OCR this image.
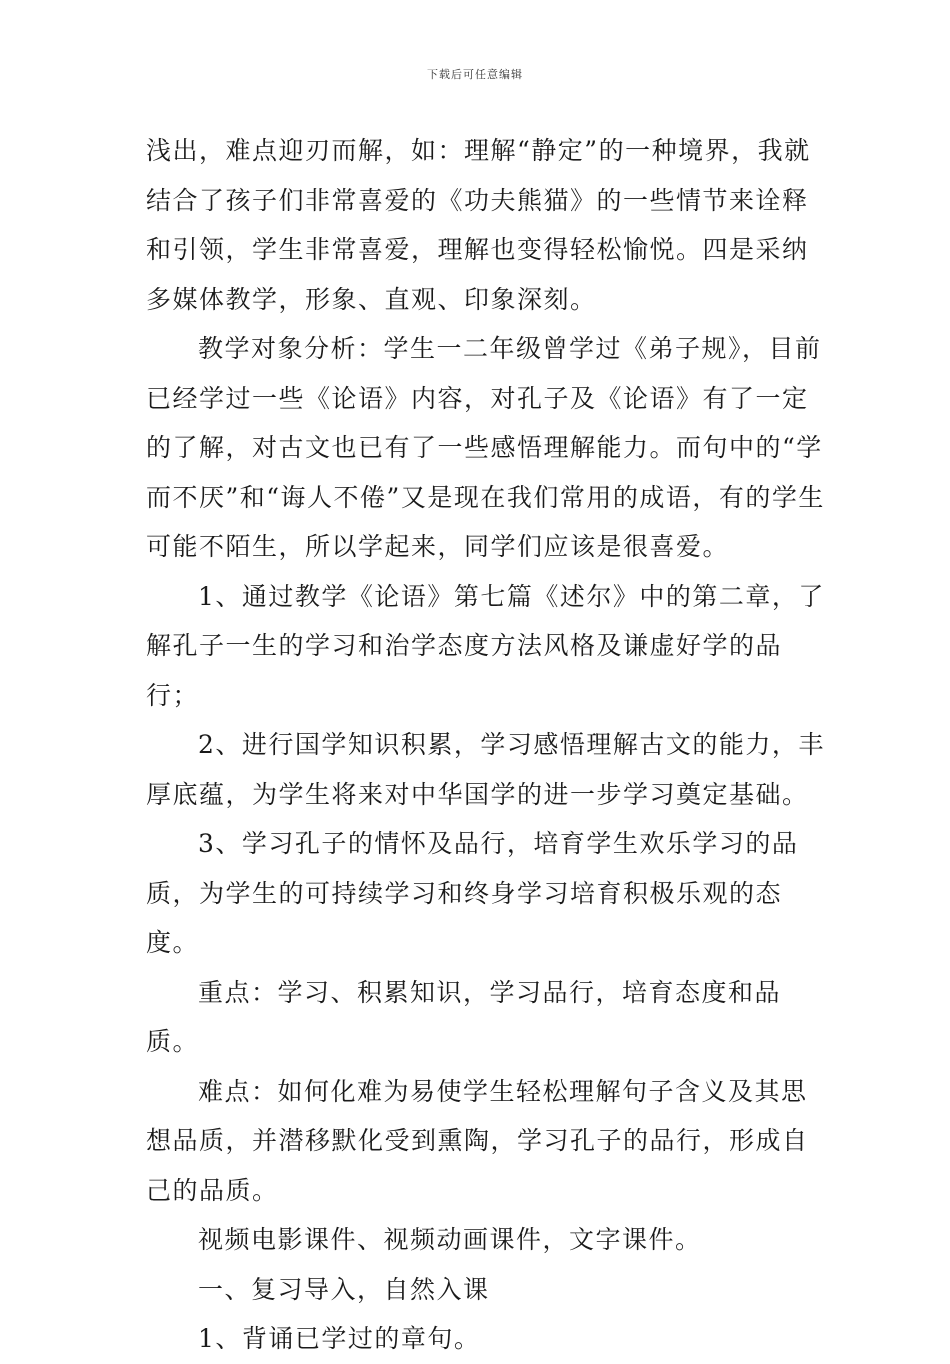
下载后可任意编辑

浅出，难点迎刃而解，如：理解“静定”的一种境界，我就结合了孩子们非常喜爱的《功夫熊猫》的一些情节来诠释和引领，学生非常喜爱，理解也变得轻松愉悦。四是采纳多媒体教学，形象、直观、印象深刻。

教学对象分析：学生一二年级曾学过《弟子规》，目前已经学过一些《论语》内容，对孔子及《论语》有了一定的了解，对古文也已有了一些感悟理解能力。而句中的“学而不厌”和“诲人不倦”又是现在我们常用的成语，有的学生可能不陌生，所以学起来，同学们应该是很喜爱。

1、通过教学《论语》第七篇《述尔》中的第二章，了解孔子一生的学习和治学态度方法风格及谦虚好学的品行；

2、进行国学知识积累，学习感悟理解古文的能力，丰厚底蕴，为学生将来对中华国学的进一步学习奠定基础。

3、学习孔子的情怀及品行，培育学生欢乐学习的品质，为学生的可持续学习和终身学习培育积极乐观的态度。

重点：学习、积累知识，学习品行，培育态度和品质。

难点：如何化难为易使学生轻松理解句子含义及其思想品质，并潜移默化受到熏陶，学习孔子的品行，形成自己的品质。

视频电影课件、视频动画课件，文字课件。

一、复习导入，自然入课

1、背诵已学过的章句。
